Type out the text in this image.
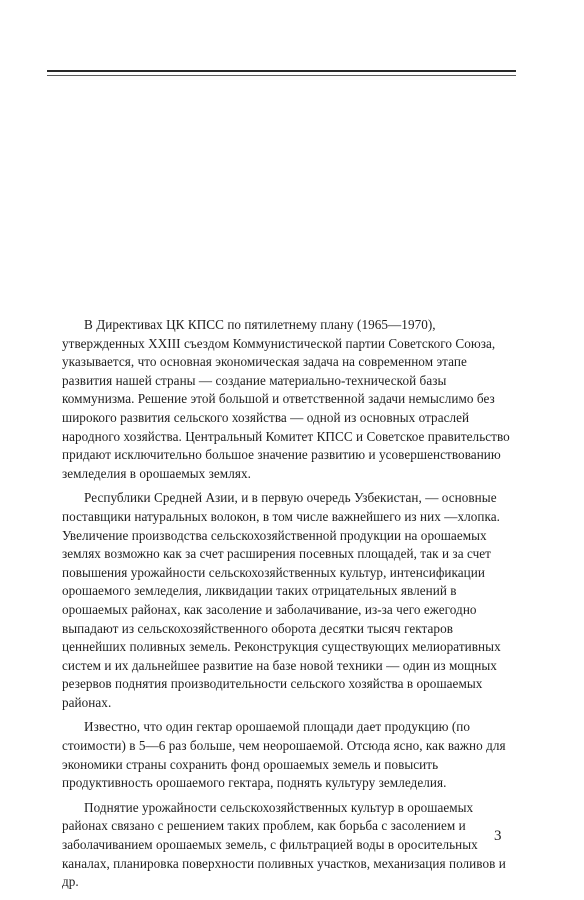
В Директивах ЦК КПСС по пятилетнему плану (1965—1970), утвержденных XXIII съездом Коммунистической партии Советского Союза, указывается, что основная экономическая задача на современном этапе развития нашей страны — создание материально-технической базы коммунизма. Решение этой большой и ответственной задачи немыслимо без широкого развития сельского хозяйства — одной из основных отраслей народного хозяйства. Центральный Комитет КПСС и Советское правительство придают исключительно большое значение развитию и усовершенствованию земледелия в орошаемых землях.

Республики Средней Азии, и в первую очередь Узбекистан, — основные поставщики натуральных волокон, в том числе важнейшего из них —хлопка. Увеличение производства сельскохозяйственной продукции на орошаемых землях возможно как за счет расширения посевных площадей, так и за счет повышения урожайности сельскохозяйственных культур, интенсификации орошаемого земледелия, ликвидации таких отрицательных явлений в орошаемых районах, как засоление и заболачивание, из-за чего ежегодно выпадают из сельскохозяйственного оборота десятки тысяч гектаров ценнейших поливных земель. Реконструкция существующих мелиоративных систем и их дальнейшее развитие на базе новой техники — один из мощных резервов поднятия производительности сельского хозяйства в орошаемых районах.

Известно, что один гектар орошаемой площади дает продукцию (по стоимости) в 5—6 раз больше, чем неорошаемой. Отсюда ясно, как важно для экономики страны сохранить фонд орошаемых земель и повысить продуктивность орошаемого гектара, поднять культуру земледелия.

Поднятие урожайности сельскохозяйственных культур в орошаемых районах связано с решением таких проблем, как борьба с засолением и заболачиванием орошаемых земель, с фильтрацией воды в оросительных каналах, планировка поверхности поливных участков, механизация поливов и др.

3
